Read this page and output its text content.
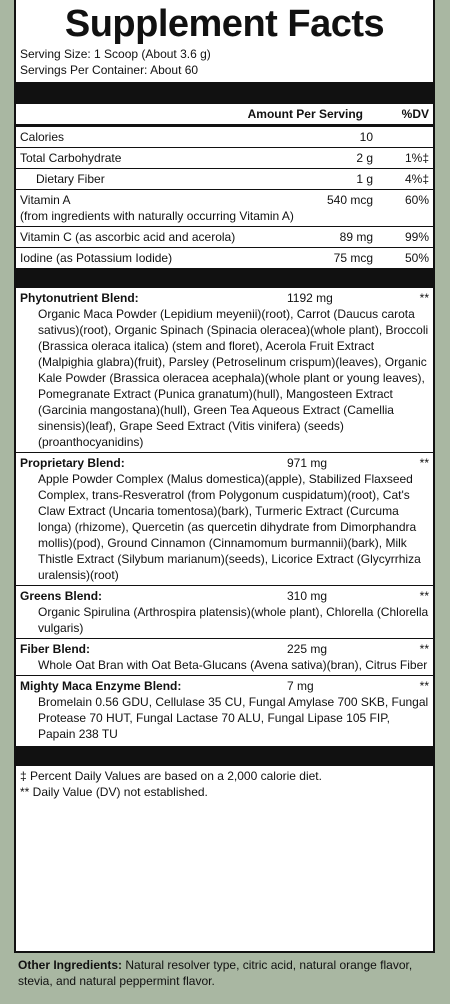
Supplement Facts
Serving Size: 1 Scoop (About 3.6 g)
Servings Per Container: About 60
Amount Per Serving	%DV
Calories	10
Total Carbohydrate	2 g	1%‡
Dietary Fiber	1 g	4%‡
Vitamin A	540 mcg	60%
(from ingredients with naturally occurring Vitamin A)
Vitamin C (as ascorbic acid and acerola)	89 mg	99%
Iodine (as Potassium Iodide)	75 mcg	50%
Phytonutrient Blend:	1192 mg	**
Organic Maca Powder (Lepidium meyenii)(root), Carrot (Daucus carota sativus)(root), Organic Spinach (Spinacia oleracea)(whole plant), Broccoli (Brassica oleraca italica) (stem and floret), Acerola Fruit Extract (Malpighia glabra)(fruit), Parsley (Petroselinum crispum)(leaves), Organic Kale Powder (Brassica oleracea acephala)(whole plant or young leaves), Pomegranate Extract (Punica granatum)(hull), Mangosteen Extract (Garcinia mangostana)(hull), Green Tea Aqueous Extract (Camellia sinensis)(leaf), Grape Seed Extract (Vitis vinifera) (seeds)(proanthocyanidins)
Proprietary Blend:	971 mg	**
Apple Powder Complex (Malus domestica)(apple), Stabilized Flaxseed Complex, trans-Resveratrol (from Polygonum cuspidatum)(root), Cat's Claw Extract (Uncaria tomentosa)(bark), Turmeric Extract (Curcuma longa) (rhizome), Quercetin (as quercetin dihydrate from Dimorphandra mollis)(pod), Ground Cinnamon (Cinnamomum burmannii)(bark), Milk Thistle Extract (Silybum marianum)(seeds), Licorice Extract (Glycyrrhiza uralensis)(root)
Greens Blend:	310 mg	**
Organic Spirulina (Arthrospira platensis)(whole plant), Chlorella (Chlorella vulgaris)
Fiber Blend:	225 mg	**
Whole Oat Bran with Oat Beta-Glucans (Avena sativa)(bran), Citrus Fiber
Mighty Maca Enzyme Blend:	7 mg	**
Bromelain 0.56 GDU, Cellulase 35 CU, Fungal Amylase 700 SKB, Fungal Protease 70 HUT, Fungal Lactase 70 ALU, Fungal Lipase 105 FIP, Papain 238 TU
‡ Percent Daily Values are based on a 2,000 calorie diet.
** Daily Value (DV) not established.
Other Ingredients: Natural resolver type, citric acid, natural orange flavor, stevia, and natural peppermint flavor.
